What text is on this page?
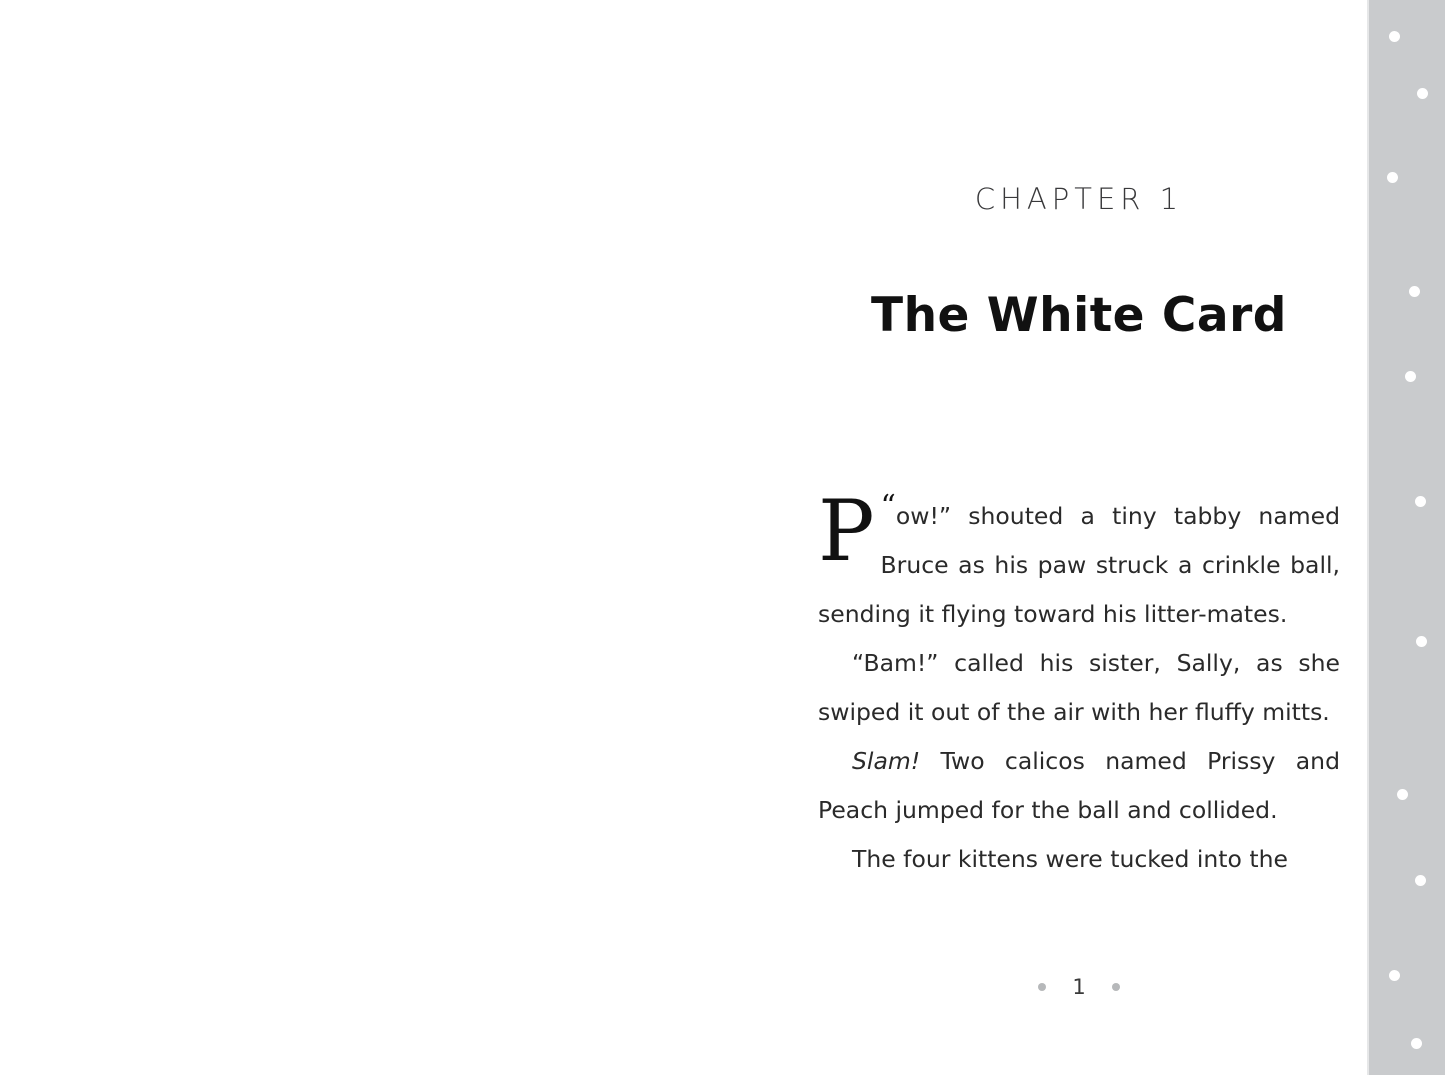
CHAPTER 1
The White Card

“
P ow!” shouted a tiny tabby named Bruce as his paw struck a crinkle ball, sending it flying toward his litter-mates.

“Bam!” called his sister, Sally, as she swiped it out of the air with her fluffy mitts.

Slam! Two calicos named Prissy and Peach jumped for the ball and collided.

The four kittens were tucked into the

1
